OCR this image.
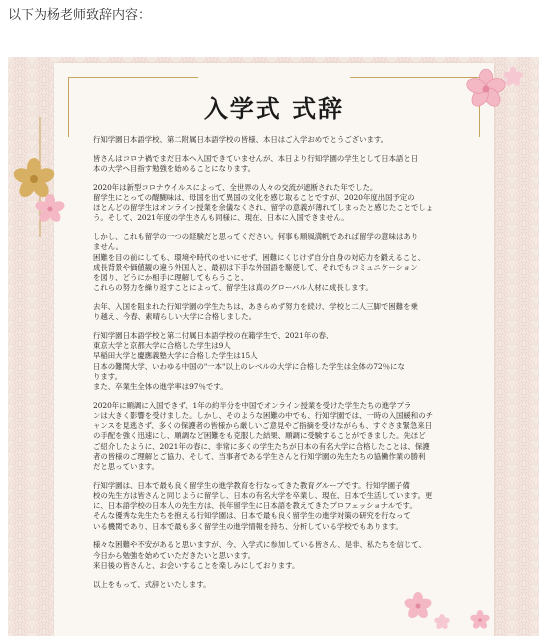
以下为杨老师致辞内容：
入学式 式辞
行知学園日本語学校、第二附属日本語学校の皆様、本日はご入学おめでとうございます。
皆さんはコロナ禍でまだ日本へ入国できていませんが、本日より行知学園の学生として日本語と日
本の大学へ目指す勉強を始めることになります。
2020年は新型コロナウイルスによって、全世界の人々の交流が遮断された年でした。
留学生にとっての醍醐味は、母国を出て異国の文化を感じ取ることですが、2020年度出国予定の
ほとんどの留学生はオンライン授業を余儀なくされ、留学の意義が薄れてしまったと感じたことでしょ
う。そして、2021年度の学生さんも同様に、現在、日本に入国できません。
しかし、これも留学の一つの経験だと思ってください。何事も順風満帆であれば留学の意味はあり
ません。
困難を目の前にしても、環境や時代のせいにせず、困難にくじけず自分自身の対応力を鍛えること、
成長背景や価値観の違う外国人と、最初は下手な外国語を駆使して、それでもコミュニケーション
を図り、どうにか相手に理解してもらうこと、
これらの努力を繰り返すことによって、留学生は真のグローバル人材に成長します。
去年、入国を阻まれた行知学園の学生たちは、あきらめず努力を続け、学校と二人三脚で困難を乗
り越え、今春、素晴らしい大学に合格しました。
行知学園日本語学校と第二付属日本語学校の在籍学生で、2021年の春、
東京大学と京都大学に合格した学生は9人
早稲田大学と慶應義塾大学に合格した学生は15人
日本の難関大学、いわゆる中国の"一本"以上のレベルの大学に合格した学生は全体の72％にな
ります。
また、卒業生全体の進学率は97％です。
2020年に順調に入国できず、1年の約半分を中国でオンライン授業を受けた学生たちの進学プラ
ンは大きく影響を受けました。しかし、そのような困難の中でも、行知学園では、一時の入国緩和のチ
ャンスを見逃さず、多くの保護者の皆様から厳しいご意見やご指摘を受けながらも、すぐさま緊急来日
の手配を強く迅速にし、順調など困難をも克服した結果、順調に受験することができました。先ほど
ご紹介したように、2021年の春に、非常に多くの学生たちが日本の有名大学に合格したことは、保護
者の皆様のご理解とご協力、そして、当事者である学生さんと行知学園の先生たちの協働作業の勝利
だと思っています。
行知学園は、日本で最も良く留学生の進学教育を行なってきた教育グループです。行知学園子備
校の先生方は皆さんと同じように留学し、日本の有名大学を卒業し、現在、日本で生活しています。更
に、日本語学校の日本人の先生方は、長年留学生に日本語を教えてきたプロフェッショナルです。
そんな優秀な先生たちを抱える行知学園は、日本で最も良く留学生の進学対策の研究を行なって
いる機関であり、日本で最も多く留学生の進学情報を持ち、分析している学校でもあります。
様々な困難や不安があると思いますが、今、入学式に参加している皆さん、是非、私たちを信じて、
今日から勉強を始めていただきたいと思います。
来日後の皆さんと、お会いすることを楽しみにしております。
以上をもって、式辞といたします。
